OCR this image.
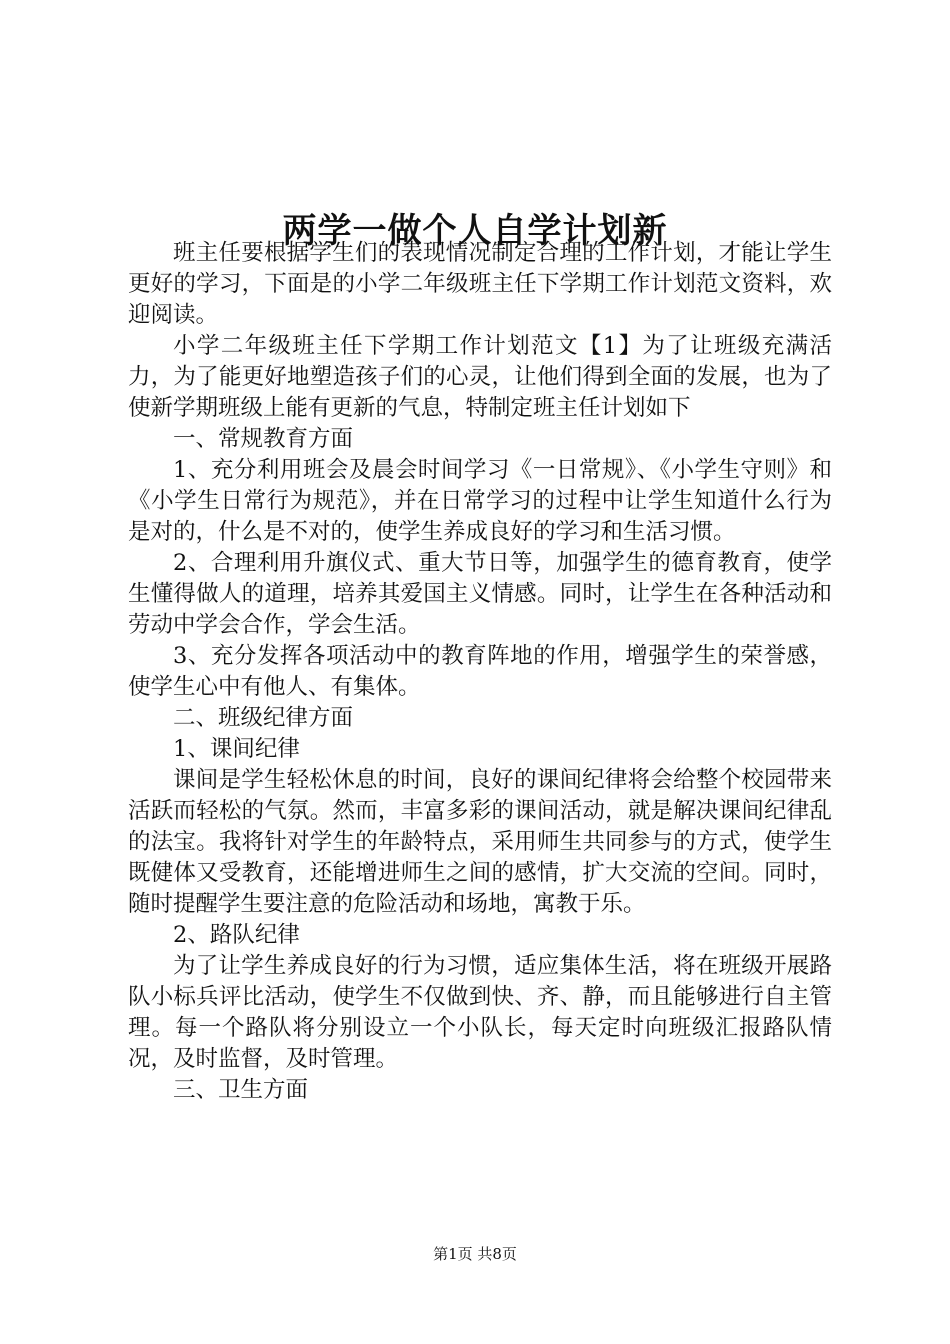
两学一做个人自学计划新

班主任要根据学生们的表现情况制定合理的工作计划，才能让学生更好的学习，下面是的小学二年级班主任下学期工作计划范文资料，欢迎阅读。

小学二年级班主任下学期工作计划范文【1】为了让班级充满活力，为了能更好地塑造孩子们的心灵，让他们得到全面的发展，也为了使新学期班级上能有更新的气息，特制定班主任计划如下

一、常规教育方面

1、充分利用班会及晨会时间学习《一日常规》、《小学生守则》和《小学生日常行为规范》，并在日常学习的过程中让学生知道什么行为是对的，什么是不对的，使学生养成良好的学习和生活习惯。

2、合理利用升旗仪式、重大节日等，加强学生的德育教育，使学生懂得做人的道理，培养其爱国主义情感。同时，让学生在各种活动和劳动中学会合作，学会生活。

3、充分发挥各项活动中的教育阵地的作用，增强学生的荣誉感，使学生心中有他人、有集体。

二、班级纪律方面

1、课间纪律

课间是学生轻松休息的时间，良好的课间纪律将会给整个校园带来活跃而轻松的气氛。然而，丰富多彩的课间活动，就是解决课间纪律乱的法宝。我将针对学生的年龄特点，采用师生共同参与的方式，使学生既健体又受教育，还能增进师生之间的感情，扩大交流的空间。同时，随时提醒学生要注意的危险活动和场地，寓教于乐。

2、路队纪律

为了让学生养成良好的行为习惯，适应集体生活，将在班级开展路队小标兵评比活动，使学生不仅做到快、齐、静，而且能够进行自主管理。每一个路队将分别设立一个小队长，每天定时向班级汇报路队情况，及时监督，及时管理。

三、卫生方面

第1页 共8页
